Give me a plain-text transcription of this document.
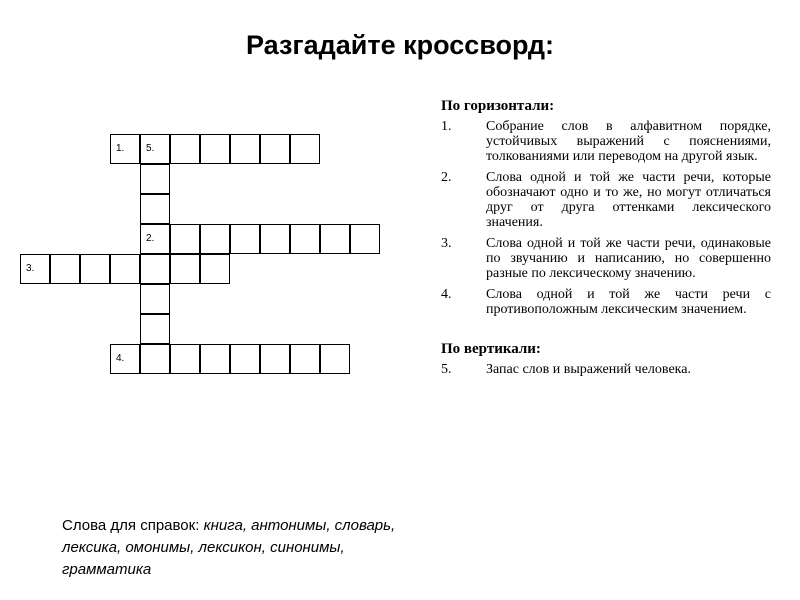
Разгадайте кроссворд:
1. 5.
2.
3.
4.
По горизонтали:
1.	Собрание слов в алфавитном порядке, устойчивых выражений с пояснениями, толкованиями или переводом на другой язык.
2.	Слова одной и той же части речи, которые обозначают одно и то же, но могут отличаться друг от друга оттенками лексического значения.
3.	Слова одной и той же части речи, одинаковые по звучанию и написанию, но совершенно разные по лексическому значению.
4.	Слова одной и той же части речи с противоположным лексическим значением.
По вертикали:
5.	Запас слов и выражений человека.
Слова для справок: книга, антонимы, словарь, лексика, омонимы, лексикон, синонимы, грамматика
